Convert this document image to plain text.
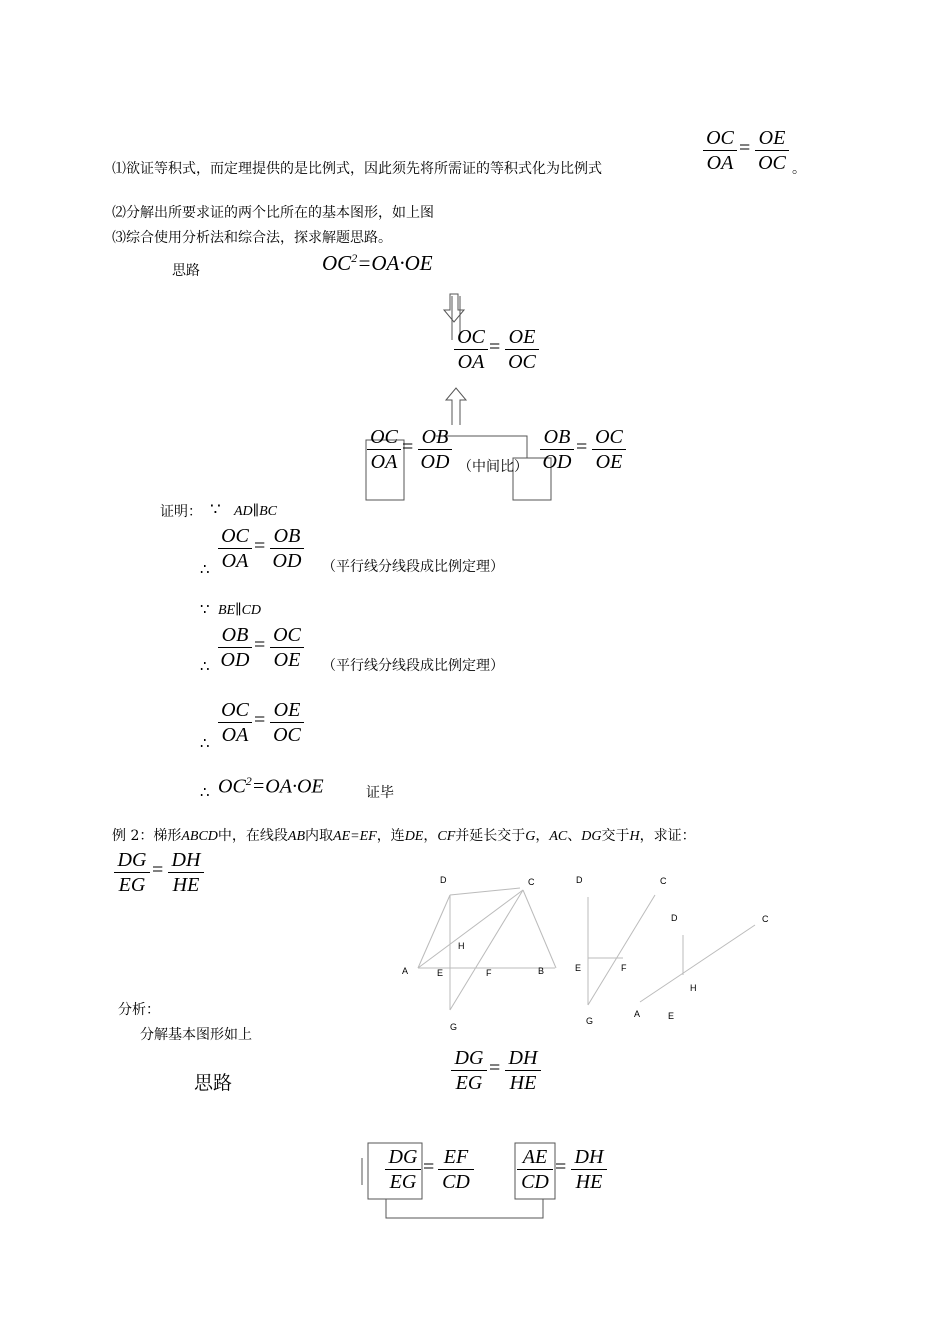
⑴欲证等积式，而定理提供的是比例式，因此须先将所需证的等积式化为比例式	$\frac{OC}{OA} = \frac{OE}{OC}$ 。
⑵分解出所要求证的两个比所在的基本图形，如上图
⑶综合使用分析法和综合法，探求解题思路。
思路	$OC^2=OA\cdot OE$
$\frac{OC}{OA} = \frac{OE}{OC}$
$\frac{OC}{OA} = \frac{OB}{OD}$ （中间比） $\frac{OB}{OD} = \frac{OC}{OE}$
证明： ∵ AD∥BC
∴ $\frac{OC}{OA} = \frac{OB}{OD}$ （平行线分线段成比例定理）
∵ BE∥CD
∴ $\frac{OB}{OD} = \frac{OC}{OE}$ （平行线分线段成比例定理）
∴ $\frac{OC}{OA} = \frac{OE}{OC}$
∴ $OC^2=OA\cdot OE$	证毕
例 2：梯形ABCD中，在线段AB内取AE=EF，连DE，CF并延长交于G，AC、DG交于H，求证：
$\frac{DG}{EG} = \frac{DH}{HE}$	D	C
H
A	E	F	B
G
D	C
E	F
G
D	C
H
A	E
分析：
分解基本图形如上
思路	$\frac{DG}{EG} = \frac{DH}{HE}$
$\frac{DG}{EG} = \frac{EF}{CD} \frac{AE}{CD} = \frac{DH}{HE}$
